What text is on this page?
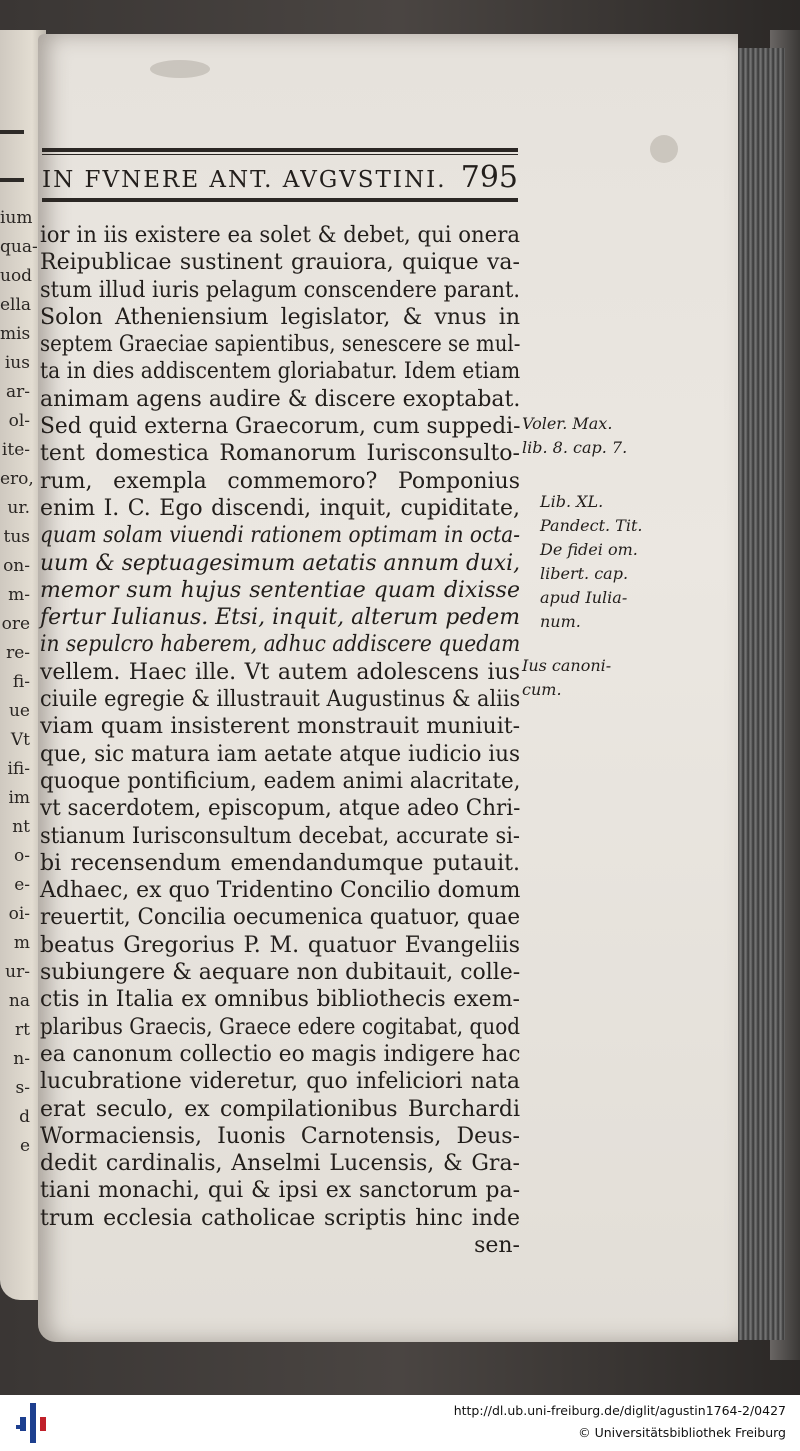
ium
qua-
uod
ella
mis
ius
ar-
ol-
ite-
ero,
ur.
tus
on-
m-
ore
re-
fi-
ue
Vt
ifi-
im
nt
o-
e-
oi-
m
ur-
na
rt
n-
s-
d
e
IN FVNERE ANT. AVGVSTINI. 795
ior in iis existere ea solet & debet, qui onera
Reipublicae sustinent grauiora, quique va-
stum illud iuris pelagum conscendere parant.
Solon Atheniensium legislator, & vnus in
septem Graeciae sapientibus, senescere se mul-
ta in dies addiscentem gloriabatur. Idem etiam
animam agens audire & discere exoptabat.
Sed quid externa Graecorum, cum suppedi-
tent domestica Romanorum Iurisconsulto-
rum, exempla commemoro? Pomponius
enim I. C. Ego discendi, inquit, cupiditate,
quam solam viuendi rationem optimam in octa-
uum & septuagesimum aetatis annum duxi,
memor sum hujus sententiae quam dixisse
fertur Iulianus. Etsi, inquit, alterum pedem
in sepulcro haberem, adhuc addiscere quedam
vellem. Haec ille. Vt autem adolescens ius
ciuile egregie & illustrauit Augustinus & aliis
viam quam insisterent monstrauit muniuit-
que, sic matura iam aetate atque iudicio ius
quoque pontificium, eadem animi alacritate,
vt sacerdotem, episcopum, atque adeo Chri-
stianum Iurisconsultum decebat, accurate si-
bi recensendum emendandumque putauit.
Adhaec, ex quo Tridentino Concilio domum
reuertit, Concilia oecumenica quatuor, quae
beatus Gregorius P. M. quatuor Evangeliis
subiungere & aequare non dubitauit, colle-
ctis in Italia ex omnibus bibliothecis exem-
plaribus Graecis, Graece edere cogitabat, quod
ea canonum collectio eo magis indigere hac
lucubratione videretur, quo infeliciori nata
erat seculo, ex compilationibus Burchardi
Wormaciensis, Iuonis Carnotensis, Deus-
dedit cardinalis, Anselmi Lucensis, & Gra-
tiani monachi, qui & ipsi ex sanctorum pa-
trum ecclesia catholicae scriptis hinc inde
sen-
Voler. Max.
lib. 8. cap. 7.
Lib. XL.
Pandect. Tit.
De fidei om.
libert. cap.
apud Iulia-
num.
Ius canoni-
cum.
http://dl.ub.uni-freiburg.de/diglit/agustin1764-2/0427
© Universitätsbibliothek Freiburg
